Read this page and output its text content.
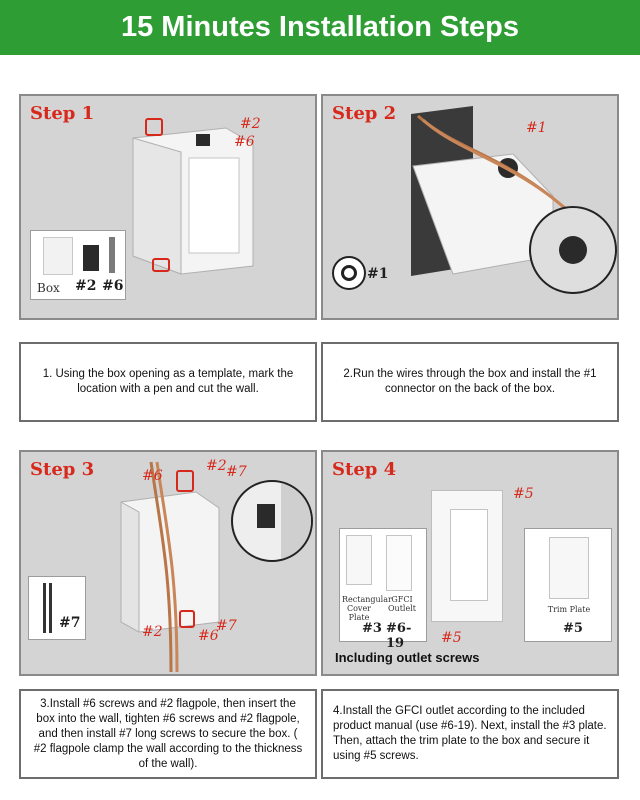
15 Minutes Installation Steps
Step 1	#2
#6
Box #2 #6
Step 2
#1
#1
1. Using the box opening as a template, mark the location with a pen and cut the wall.
2.Run the wires through the box and install the #1 connector on the back of the box.
Step 3	#6
#2 #7
#2	#6
#7
#7
Step 4
#5
#5
Rectangular Cover Plate
GFCI Outlelt
#3 #6-19
Trim Plate
#5
Including outlet screws
3.Install #6 screws and #2 flagpole, then insert the box into the wall, tighten #6 screws and #2 flagpole, and then install #7 long screws to secure the box. ( #2 flagpole clamp the wall according to the thickness of the wall).
4.Install the GFCI outlet according to the included product manual (use #6-19). Next, install the #3 plate. Then, attach the trim plate to the box and secure it using #5 screws.
